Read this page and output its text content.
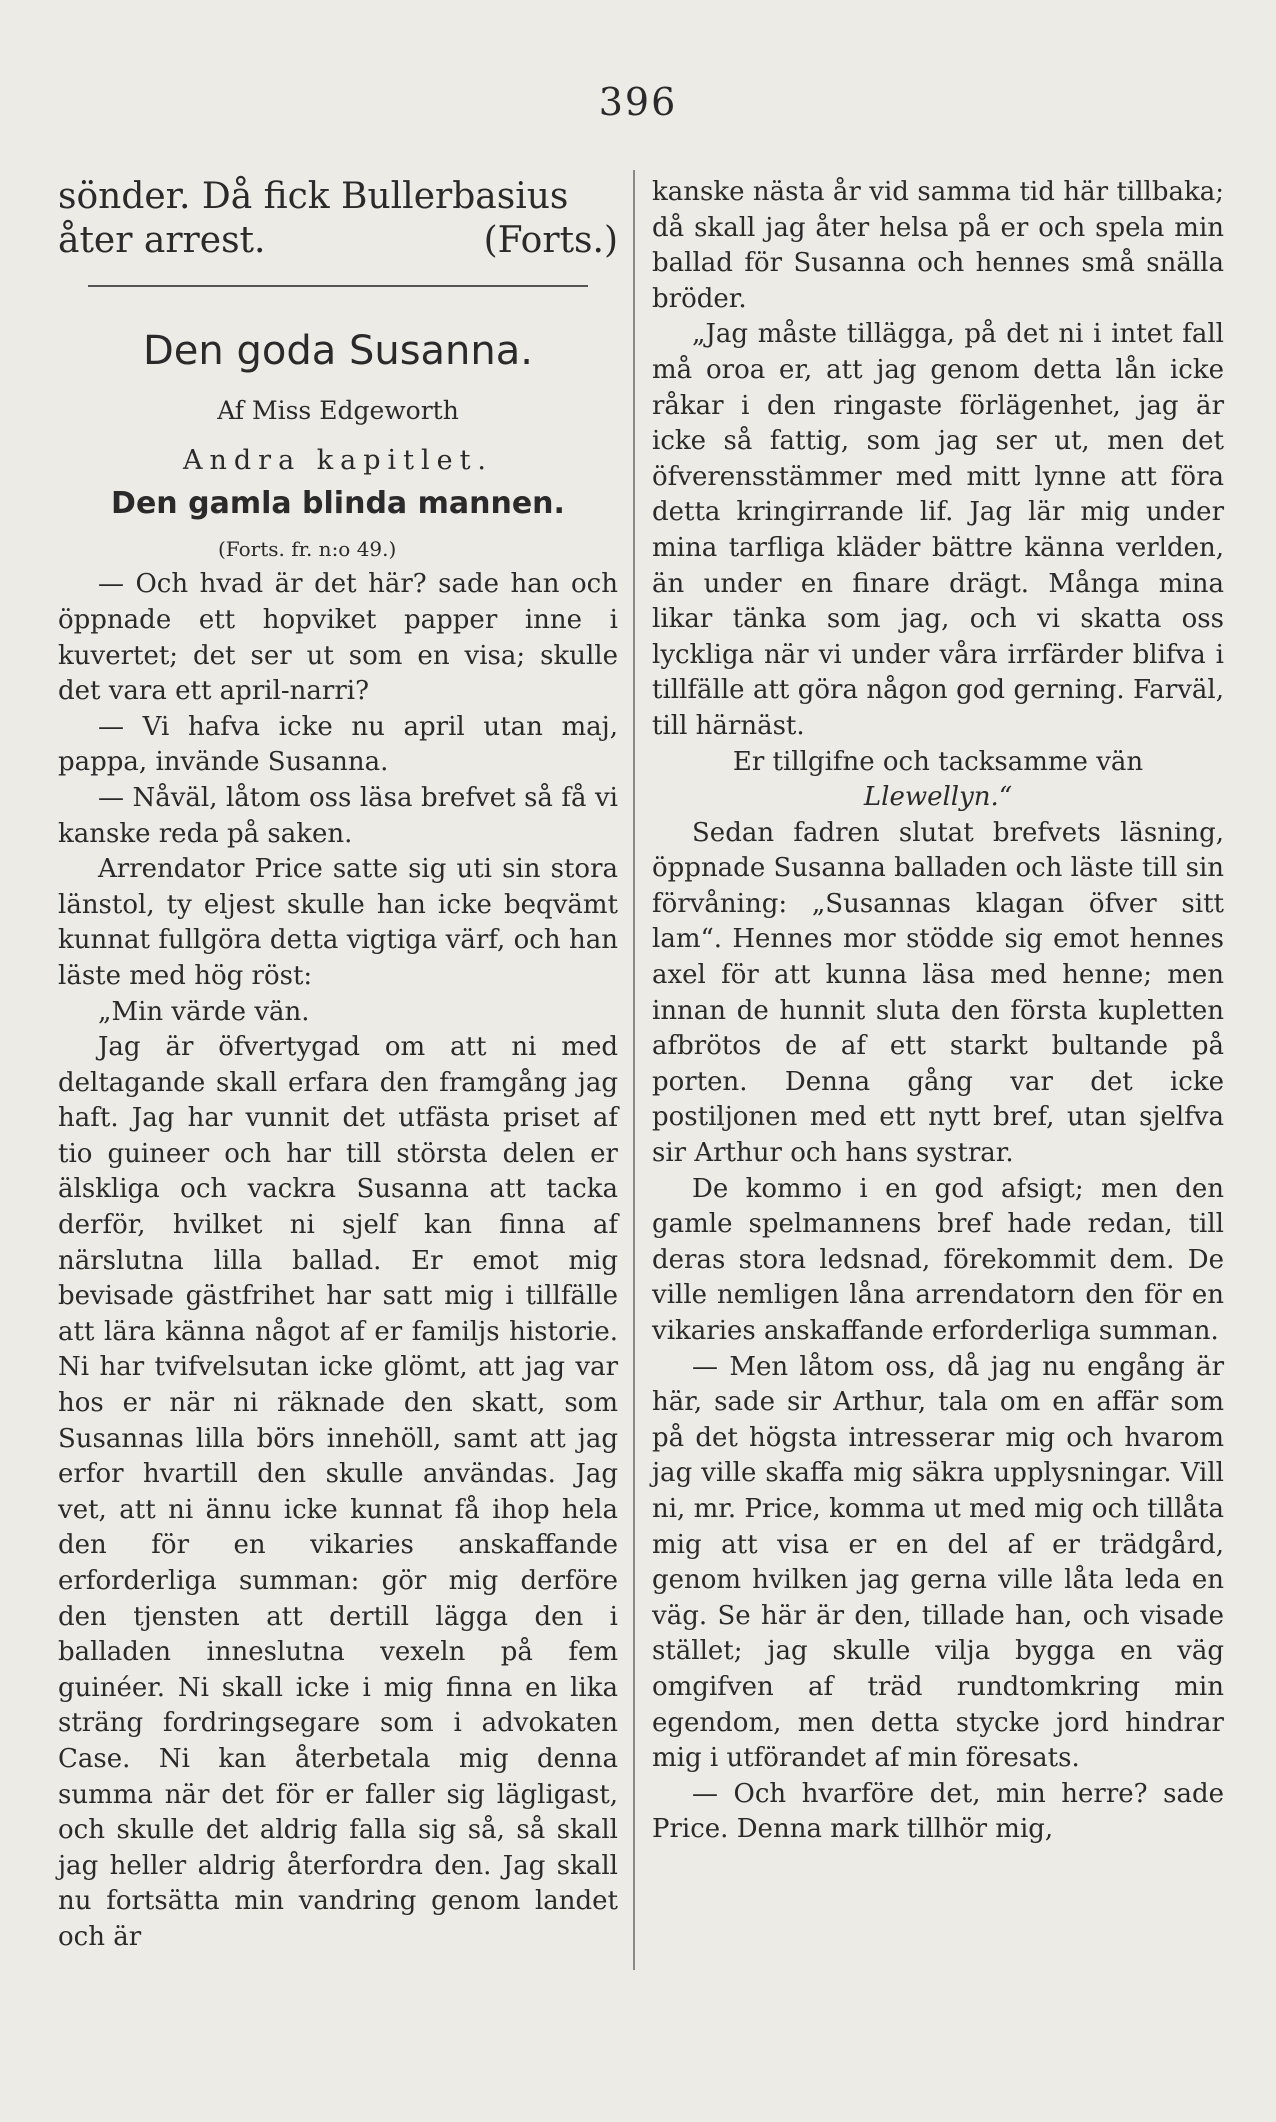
396
sönder. Då fick Bullerbasius
åter arrest.	(Forts.)
Den goda Susanna.
Af Miss Edgeworth
Andra kapitlet.
Den gamla blinda mannen.
(Forts. fr. n:o 49.)

— Och hvad är det här? sade han och öppnade ett hopviket papper inne i kuvertet; det ser ut som en visa; skulle det vara ett april-narri?

— Vi hafva icke nu april utan maj, pappa, invände Susanna.

— Nåväl, låtom oss läsa brefvet så få vi kanske reda på saken.

Arrendator Price satte sig uti sin stora länstol, ty eljest skulle han icke beqvämt kunnat fullgöra detta vigtiga värf, och han läste med hög röst:

„Min värde vän.

Jag är öfvertygad om att ni med deltagande skall erfara den framgång jag haft. Jag har vunnit det utfästa priset af tio guineer och har till största delen er älskliga och vackra Susanna att tacka derför, hvilket ni sjelf kan finna af närslutna lilla ballad. Er emot mig bevisade gästfrihet har satt mig i tillfälle att lära känna något af er familjs historie. Ni har tvifvelsutan icke glömt, att jag var hos er när ni räknade den skatt, som Susannas lilla börs innehöll, samt att jag erfor hvartill den skulle användas. Jag vet, att ni ännu icke kunnat få ihop hela den för en vikaries anskaffande erforderliga summan: gör mig derföre den tjensten att dertill lägga den i balladen inneslutna vexeln på fem guinéer. Ni skall icke i mig finna en lika sträng fordringsegare som i advokaten Case. Ni kan återbetala mig denna summa när det för er faller sig lägligast, och skulle det aldrig falla sig så, så skall jag heller aldrig återfordra den. Jag skall nu fortsätta min vandring genom landet och är

kanske nästa år vid samma tid här tillbaka; då skall jag åter helsa på er och spela min ballad för Susanna och hennes små snälla bröder.

„Jag måste tillägga, på det ni i intet fall må oroa er, att jag genom detta lån icke råkar i den ringaste förlägenhet, jag är icke så fattig, som jag ser ut, men det öfverensstämmer med mitt lynne att föra detta kringirrande lif. Jag lär mig under mina tarfliga kläder bättre känna verlden, än under en finare drägt. Många mina likar tänka som jag, och vi skatta oss lyckliga när vi under våra irrfärder blifva i tillfälle att göra någon god gerning. Farväl, till härnäst.

Er tillgifne och tacksamme vän

Llewellyn.“

Sedan fadren slutat brefvets läsning, öppnade Susanna balladen och läste till sin förvåning: „Susannas klagan öfver sitt lam“. Hennes mor stödde sig emot hennes axel för att kunna läsa med henne; men innan de hunnit sluta den första kupletten afbrötos de af ett starkt bultande på porten. Denna gång var det icke postiljonen med ett nytt bref, utan sjelfva sir Arthur och hans systrar.

De kommo i en god afsigt; men den gamle spelmannens bref hade redan, till deras stora ledsnad, förekommit dem. De ville nemligen låna arrendatorn den för en vikaries anskaffande erforderliga summan.

— Men låtom oss, då jag nu engång är här, sade sir Arthur, tala om en affär som på det högsta intresserar mig och hvarom jag ville skaffa mig säkra upplysningar. Vill ni, mr. Price, komma ut med mig och tillåta mig att visa er en del af er trädgård, genom hvilken jag gerna ville låta leda en väg. Se här är den, tillade han, och visade stället; jag skulle vilja bygga en väg omgifven af träd rundtomkring min egendom, men detta stycke jord hindrar mig i utförandet af min föresats.

— Och hvarföre det, min herre? sade Price. Denna mark tillhör mig,
